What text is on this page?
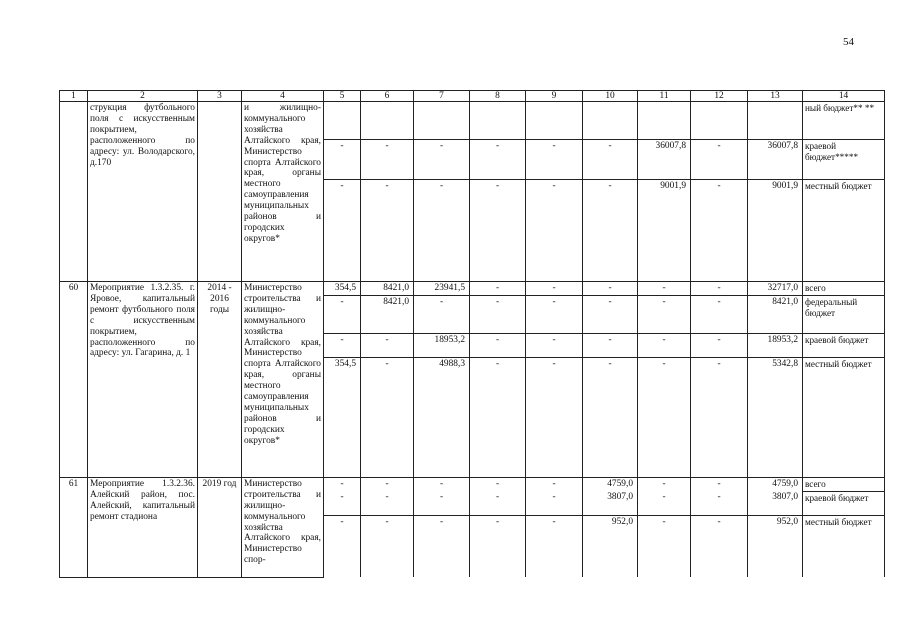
54
1	2	3	4	5	6	7	8	9	10	11	12	13	14
	струкция футбольного поля с искусственным покрытием, расположенного по адресу: ул. Володарского, д.170		и жилищно-коммунального хозяйства Алтайского края, Министерство спорта Алтайского края, органы местного самоуправления муниципальных районов и городских округов*										ный бюджет** **
				-	-	-	-	-	-	36007,8	-	36007,8	краевой бюджет*****
				-	-	-	-	-	-	9001,9	-	9001,9	местный бюджет
60	Мероприятие 1.3.2.35. г. Яровое, капитальный ремонт футбольного поля с искусственным покрытием, расположенного по адресу: ул. Гагарина, д. 1	2014 - 2016 годы	Министерство строительства и жилищно-коммунального хозяйства Алтайского края, Министерство спорта Алтайского края, органы местного самоуправления муниципальных районов и городских округов*	354,5	8421,0	23941,5	-	-	-	-	-	32717,0	всего
				-	8421,0	-	-	-	-	-	-	8421,0	федеральный бюджет
				-	-	18953,2	-	-	-	-	-	18953,2	краевой бюджет
				354,5	-	4988,3	-	-	-	-	-	5342,8	местный бюджет
61	Мероприятие 1.3.2.36. Алейский район, пос. Алейский, капитальный ремонт стадиона	2019 год	Министерство строительства и жилищно-коммунального хозяйства Алтайского края, Министерство спор-	-	-	-	-	-	4759,0	-	-	4759,0	всего
				-	-	-	-	-	3807,0	-	-	3807,0	краевой бюджет
				-	-	-	-	-	952,0	-	-	952,0	местный бюджет
